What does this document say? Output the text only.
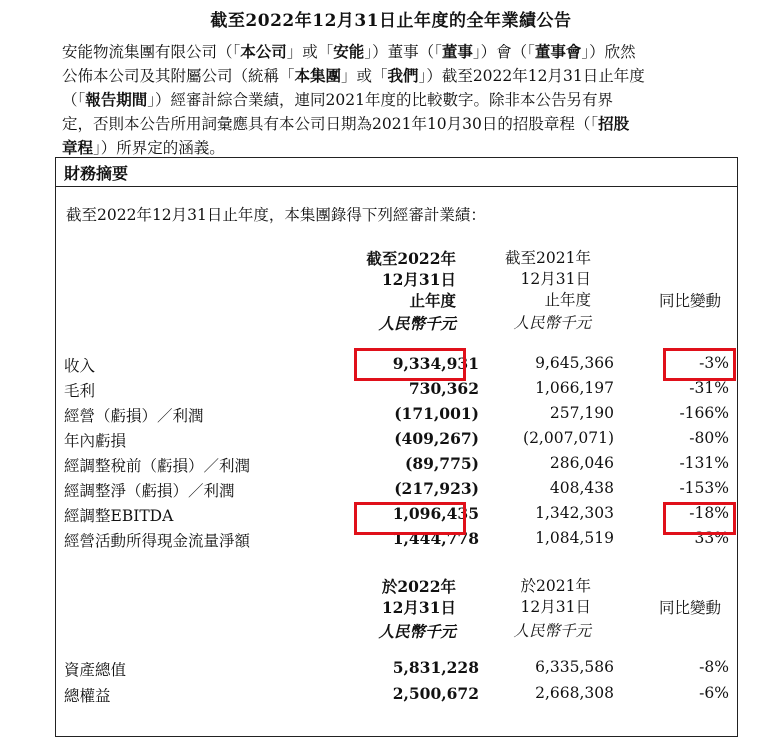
截至2022年12月31日止年度的全年業績公告
安能物流集團有限公司（「本公司」或「安能」）董事（「董事」）會（「董事會」）欣然
公佈本公司及其附屬公司（統稱「本集團」或「我們」）截至2022年12月31日止年度
（「報告期間」）經審計綜合業績，連同2021年度的比較數字。除非本公告另有界
定，否則本公告所用詞彙應具有本公司日期為2021年10月30日的招股章程（「招股
章程」）所界定的涵義。
財務摘要
截至2022年12月31日止年度，本集團錄得下列經審計業績：
截至2022年
12月31日
止年度
人民幣千元
截至2021年
12月31日
止年度
人民幣千元
同比變動
收入	9,334,931	9,645,366	-3%
毛利	730,362	1,066,197	-31%
經營（虧損）／利潤	(171,001)	257,190	-166%
年內虧損	(409,267)	(2,007,071)	-80%
經調整稅前（虧損）／利潤	(89,775)	286,046	-131%
經調整淨（虧損）／利潤	(217,923)	408,438	-153%
經調整EBITDA	1,096,435	1,342,303	-18%
經營活動所得現金流量淨額	1,444,778	1,084,519	33%
於2022年
12月31日
人民幣千元
於2021年
12月31日
人民幣千元
同比變動
資產總值	5,831,228	6,335,586	-8%
總權益	2,500,672	2,668,308	-6%
